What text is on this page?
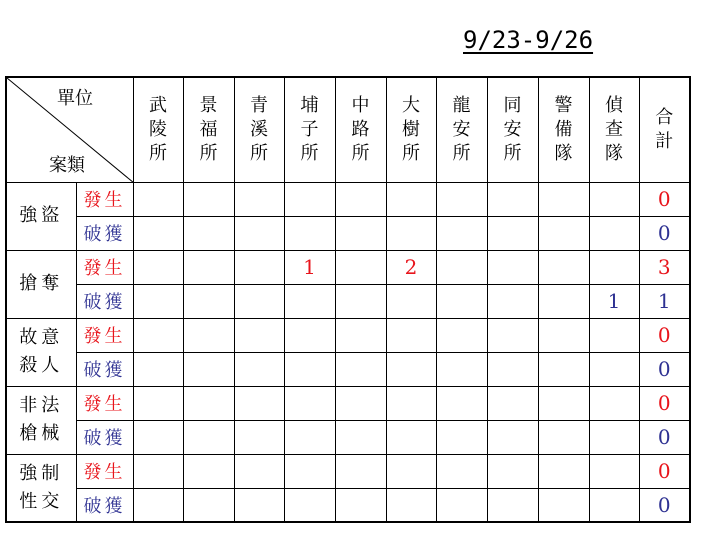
9/23-9/26
單位
案類		武陵所	景福所	青溪所	埔子所	中路所	大樹所	龍安所	同安所	警備隊	偵查隊	合計
強盜	發生											0
	破獲											0
搶奪	發生				1		2					3
	破獲										1	1
故意殺人	發生											0
	破獲											0
非法槍械	發生											0
	破獲											0
強制性交	發生											0
	破獲											0
